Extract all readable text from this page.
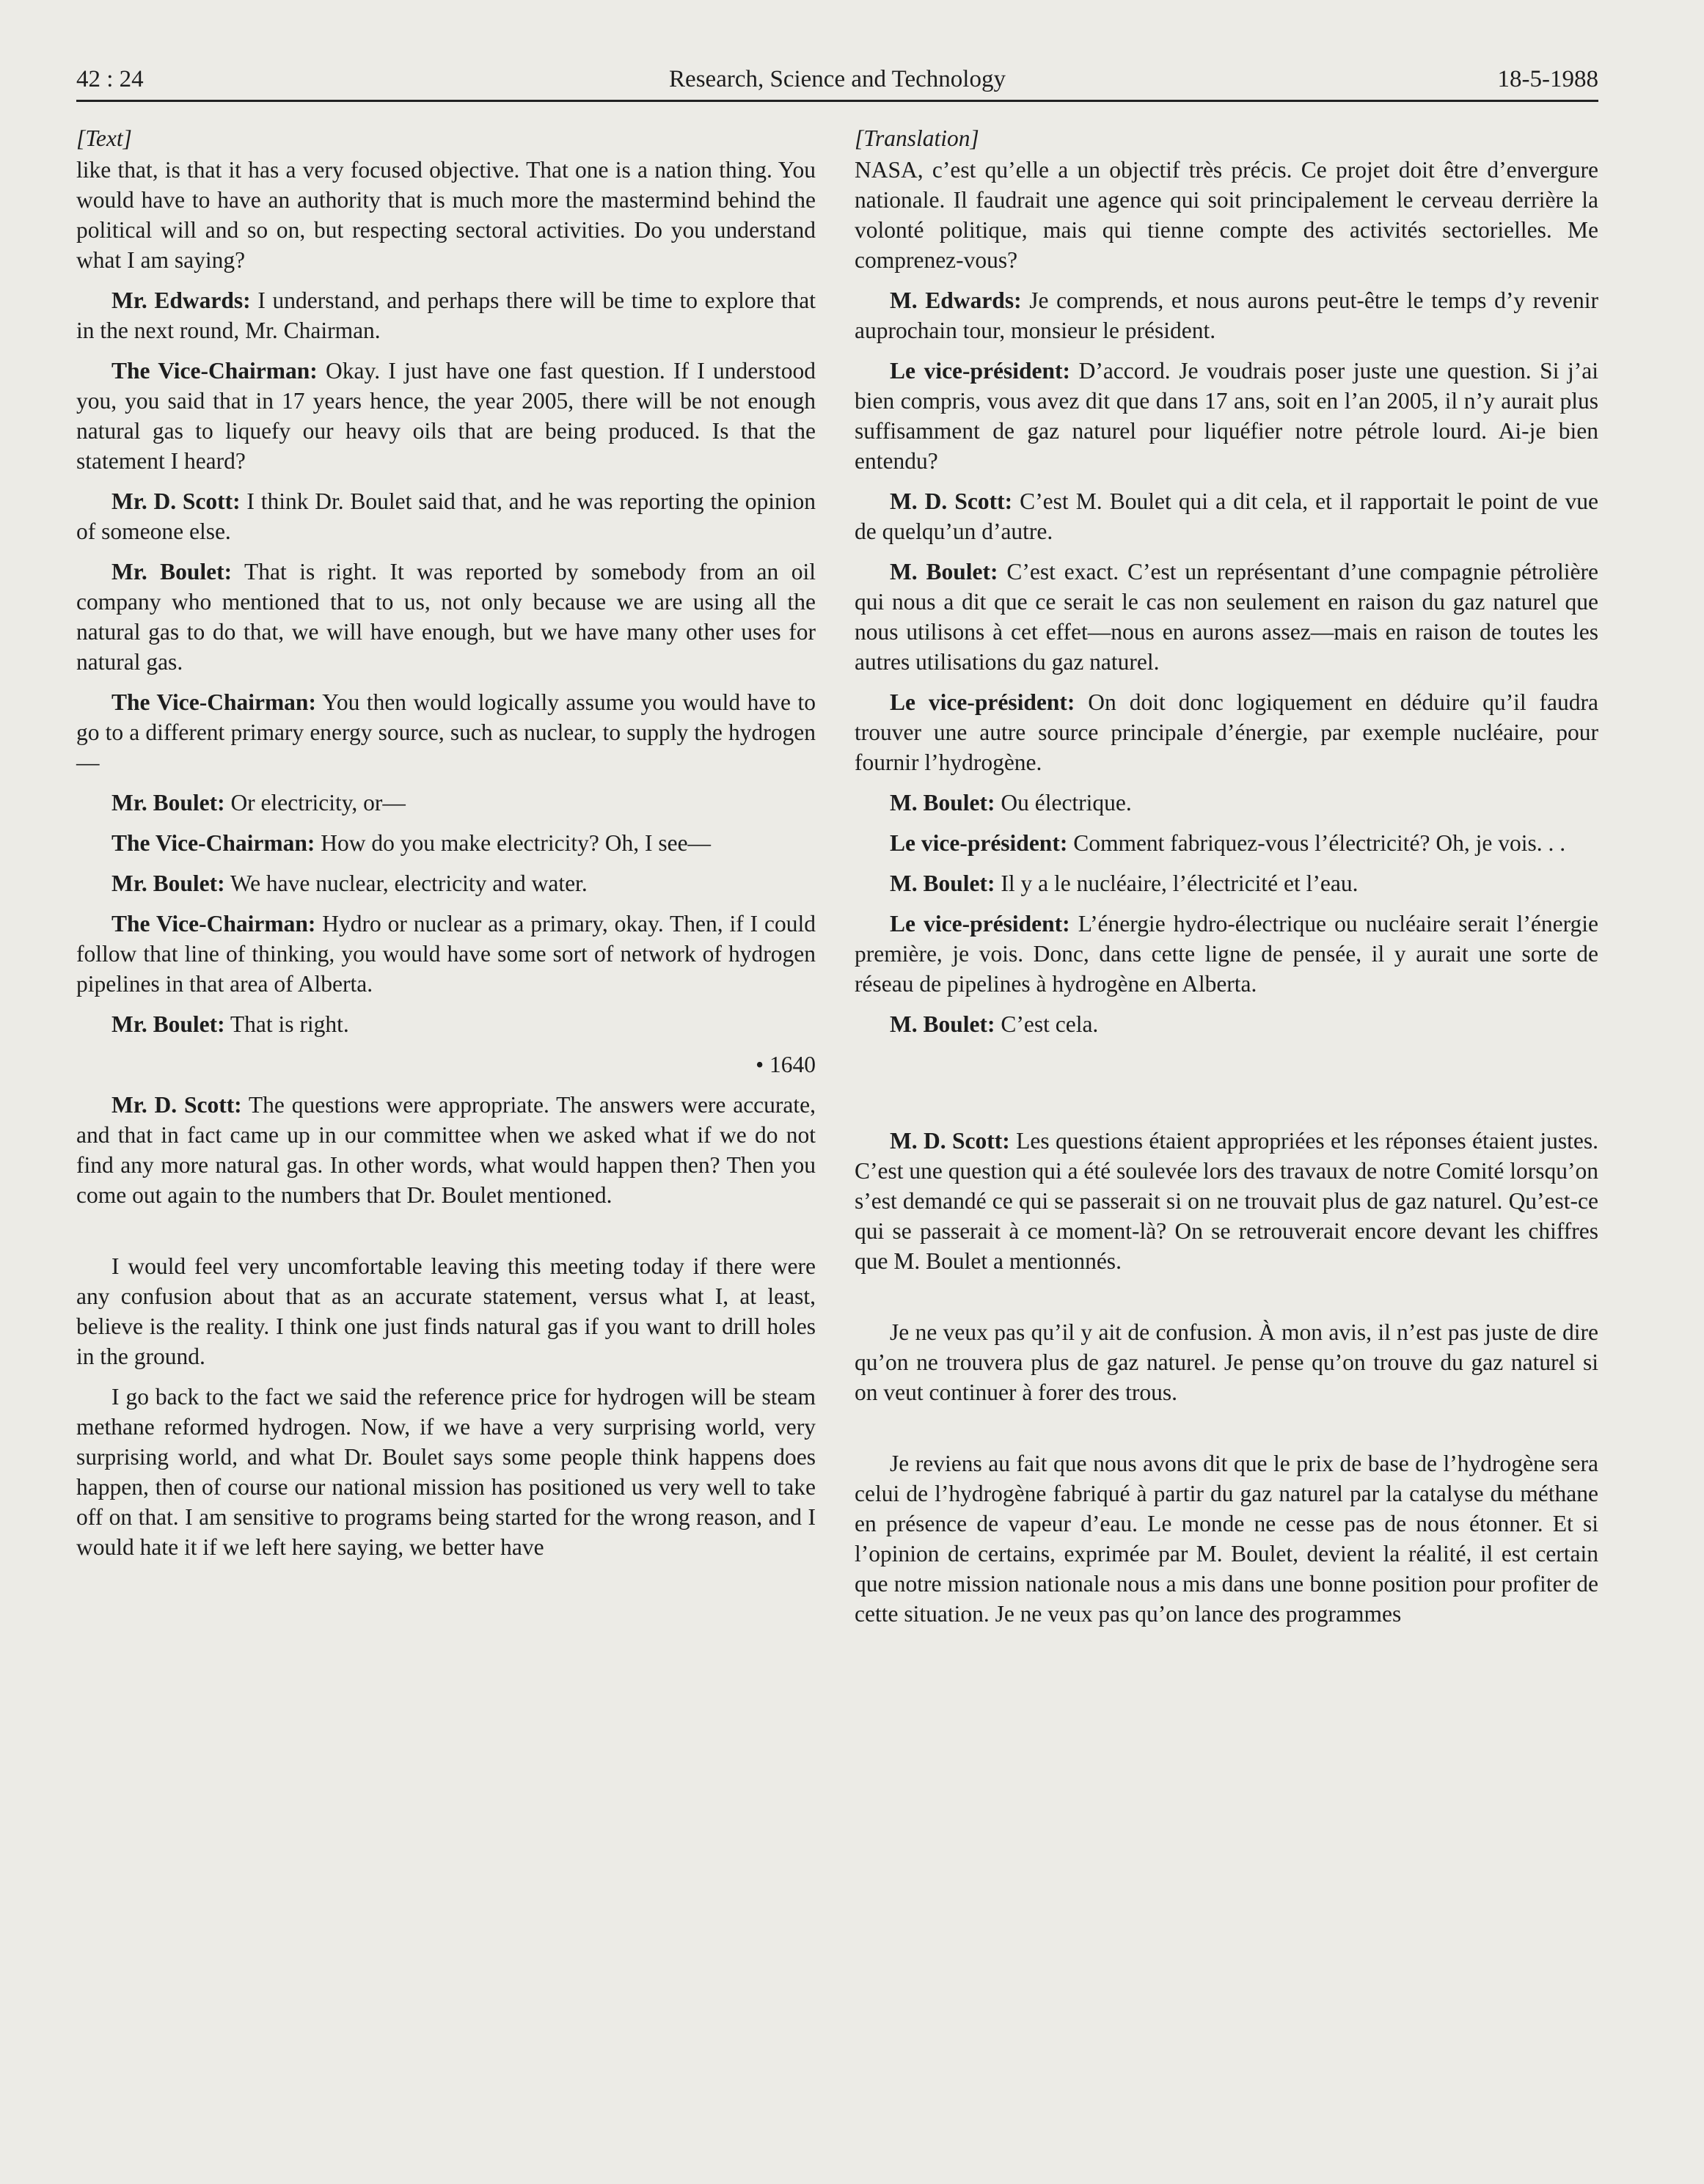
42 : 24	Research, Science and Technology	18-5-1988
[Text]

like that, is that it has a very focused objective. That one is a nation thing. You would have to have an authority that is much more the mastermind behind the political will and so on, but respecting sectoral activities. Do you understand what I am saying?

Mr. Edwards: I understand, and perhaps there will be time to explore that in the next round, Mr. Chairman.

The Vice-Chairman: Okay. I just have one fast question. If I understood you, you said that in 17 years hence, the year 2005, there will be not enough natural gas to liquefy our heavy oils that are being produced. Is that the statement I heard?

Mr. D. Scott: I think Dr. Boulet said that, and he was reporting the opinion of someone else.

Mr. Boulet: That is right. It was reported by somebody from an oil company who mentioned that to us, not only because we are using all the natural gas to do that, we will have enough, but we have many other uses for natural gas.

The Vice-Chairman: You then would logically assume you would have to go to a different primary energy source, such as nuclear, to supply the hydrogen—

Mr. Boulet: Or electricity, or—

The Vice-Chairman: How do you make electricity? Oh, I see—

Mr. Boulet: We have nuclear, electricity and water.

The Vice-Chairman: Hydro or nuclear as a primary, okay. Then, if I could follow that line of thinking, you would have some sort of network of hydrogen pipelines in that area of Alberta.

Mr. Boulet: That is right.

• 1640

Mr. D. Scott: The questions were appropriate. The answers were accurate, and that in fact came up in our committee when we asked what if we do not find any more natural gas. In other words, what would happen then? Then you come out again to the numbers that Dr. Boulet mentioned.

I would feel very uncomfortable leaving this meeting today if there were any confusion about that as an accurate statement, versus what I, at least, believe is the reality. I think one just finds natural gas if you want to drill holes in the ground.

I go back to the fact we said the reference price for hydrogen will be steam methane reformed hydrogen. Now, if we have a very surprising world, very surprising world, and what Dr. Boulet says some people think happens does happen, then of course our national mission has positioned us very well to take off on that. I am sensitive to programs being started for the wrong reason, and I would hate it if we left here saying, we better have

[Translation]

NASA, c’est qu’elle a un objectif très précis. Ce projet doit être d’envergure nationale. Il faudrait une agence qui soit principalement le cerveau derrière la volonté politique, mais qui tienne compte des activités sectorielles. Me comprenez-vous?

M. Edwards: Je comprends, et nous aurons peut-être le temps d’y revenir auprochain tour, monsieur le président.

Le vice-président: D’accord. Je voudrais poser juste une question. Si j’ai bien compris, vous avez dit que dans 17 ans, soit en l’an 2005, il n’y aurait plus suffisamment de gaz naturel pour liquéfier notre pétrole lourd. Ai-je bien entendu?

M. D. Scott: C’est M. Boulet qui a dit cela, et il rapportait le point de vue de quelqu’un d’autre.

M. Boulet: C’est exact. C’est un représentant d’une compagnie pétrolière qui nous a dit que ce serait le cas non seulement en raison du gaz naturel que nous utilisons à cet effet—nous en aurons assez—mais en raison de toutes les autres utilisations du gaz naturel.

Le vice-président: On doit donc logiquement en déduire qu’il faudra trouver une autre source principale d’énergie, par exemple nucléaire, pour fournir l’hydrogène.

M. Boulet: Ou électrique.

Le vice-président: Comment fabriquez-vous l’électricité? Oh, je vois. . .

M. Boulet: Il y a le nucléaire, l’électricité et l’eau.

Le vice-président: L’énergie hydro-électrique ou nucléaire serait l’énergie première, je vois. Donc, dans cette ligne de pensée, il y aurait une sorte de réseau de pipelines à hydrogène en Alberta.

M. Boulet: C’est cela.

M. D. Scott: Les questions étaient appropriées et les réponses étaient justes. C’est une question qui a été soulevée lors des travaux de notre Comité lorsqu’on s’est demandé ce qui se passerait si on ne trouvait plus de gaz naturel. Qu’est-ce qui se passerait à ce moment-là? On se retrouverait encore devant les chiffres que M. Boulet a mentionnés.

Je ne veux pas qu’il y ait de confusion. À mon avis, il n’est pas juste de dire qu’on ne trouvera plus de gaz naturel. Je pense qu’on trouve du gaz naturel si on veut continuer à forer des trous.

Je reviens au fait que nous avons dit que le prix de base de l’hydrogène sera celui de l’hydrogène fabriqué à partir du gaz naturel par la catalyse du méthane en présence de vapeur d’eau. Le monde ne cesse pas de nous étonner. Et si l’opinion de certains, exprimée par M. Boulet, devient la réalité, il est certain que notre mission nationale nous a mis dans une bonne position pour profiter de cette situation. Je ne veux pas qu’on lance des programmes
